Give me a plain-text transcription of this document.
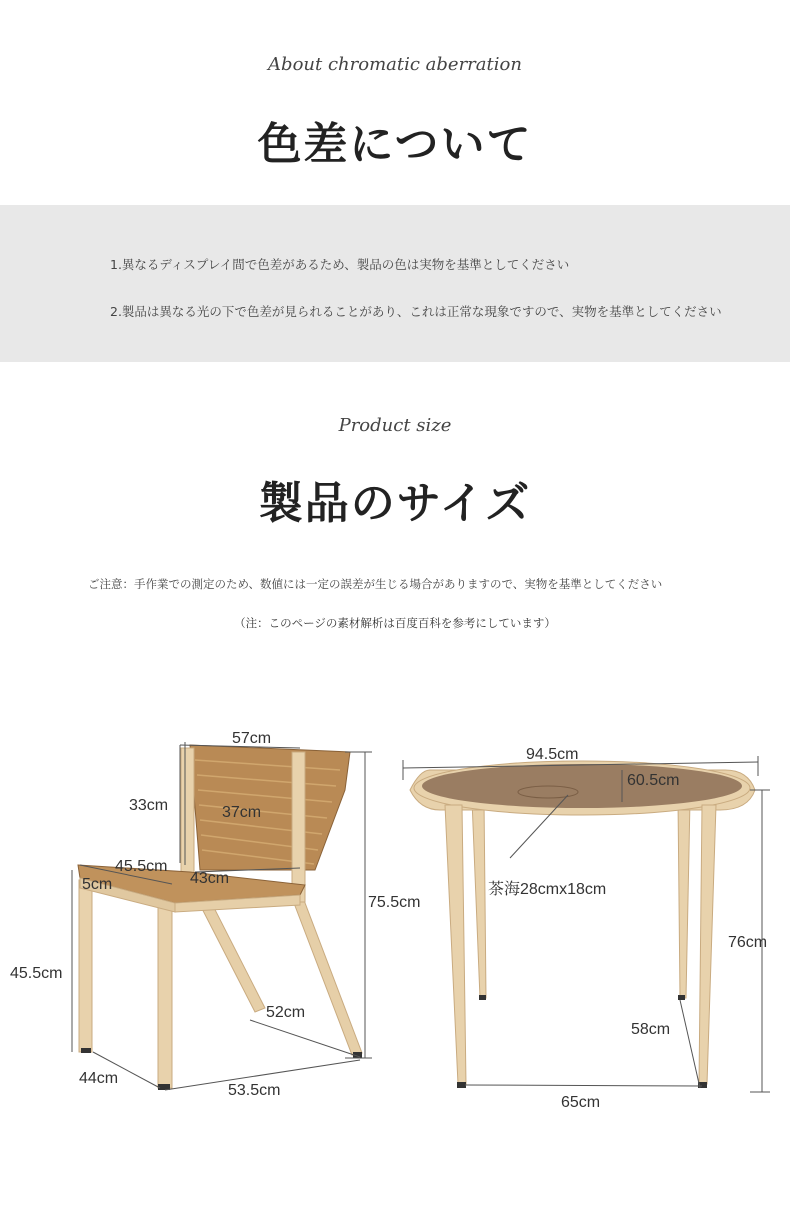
About chromatic aberration
色差について
1.異なるディスプレイ間で色差があるため、製品の色は実物を基準としてください
2.製品は異なる光の下で色差が見られることがあり、これは正常な現象ですので、実物を基準としてください
Product size
製品のサイズ
ご注意：手作業での測定のため、数値には一定の誤差が生じる場合がありますので、実物を基準としてください
（注：このページの素材解析は百度百科を参考にしています）
57cm
33cm	37cm
45.5cm
5cm	43cm
75.5cm
45.5cm
52cm
44cm
53.5cm
94.5cm
60.5cm
茶海28cmx18cm
76cm
58cm
65cm
